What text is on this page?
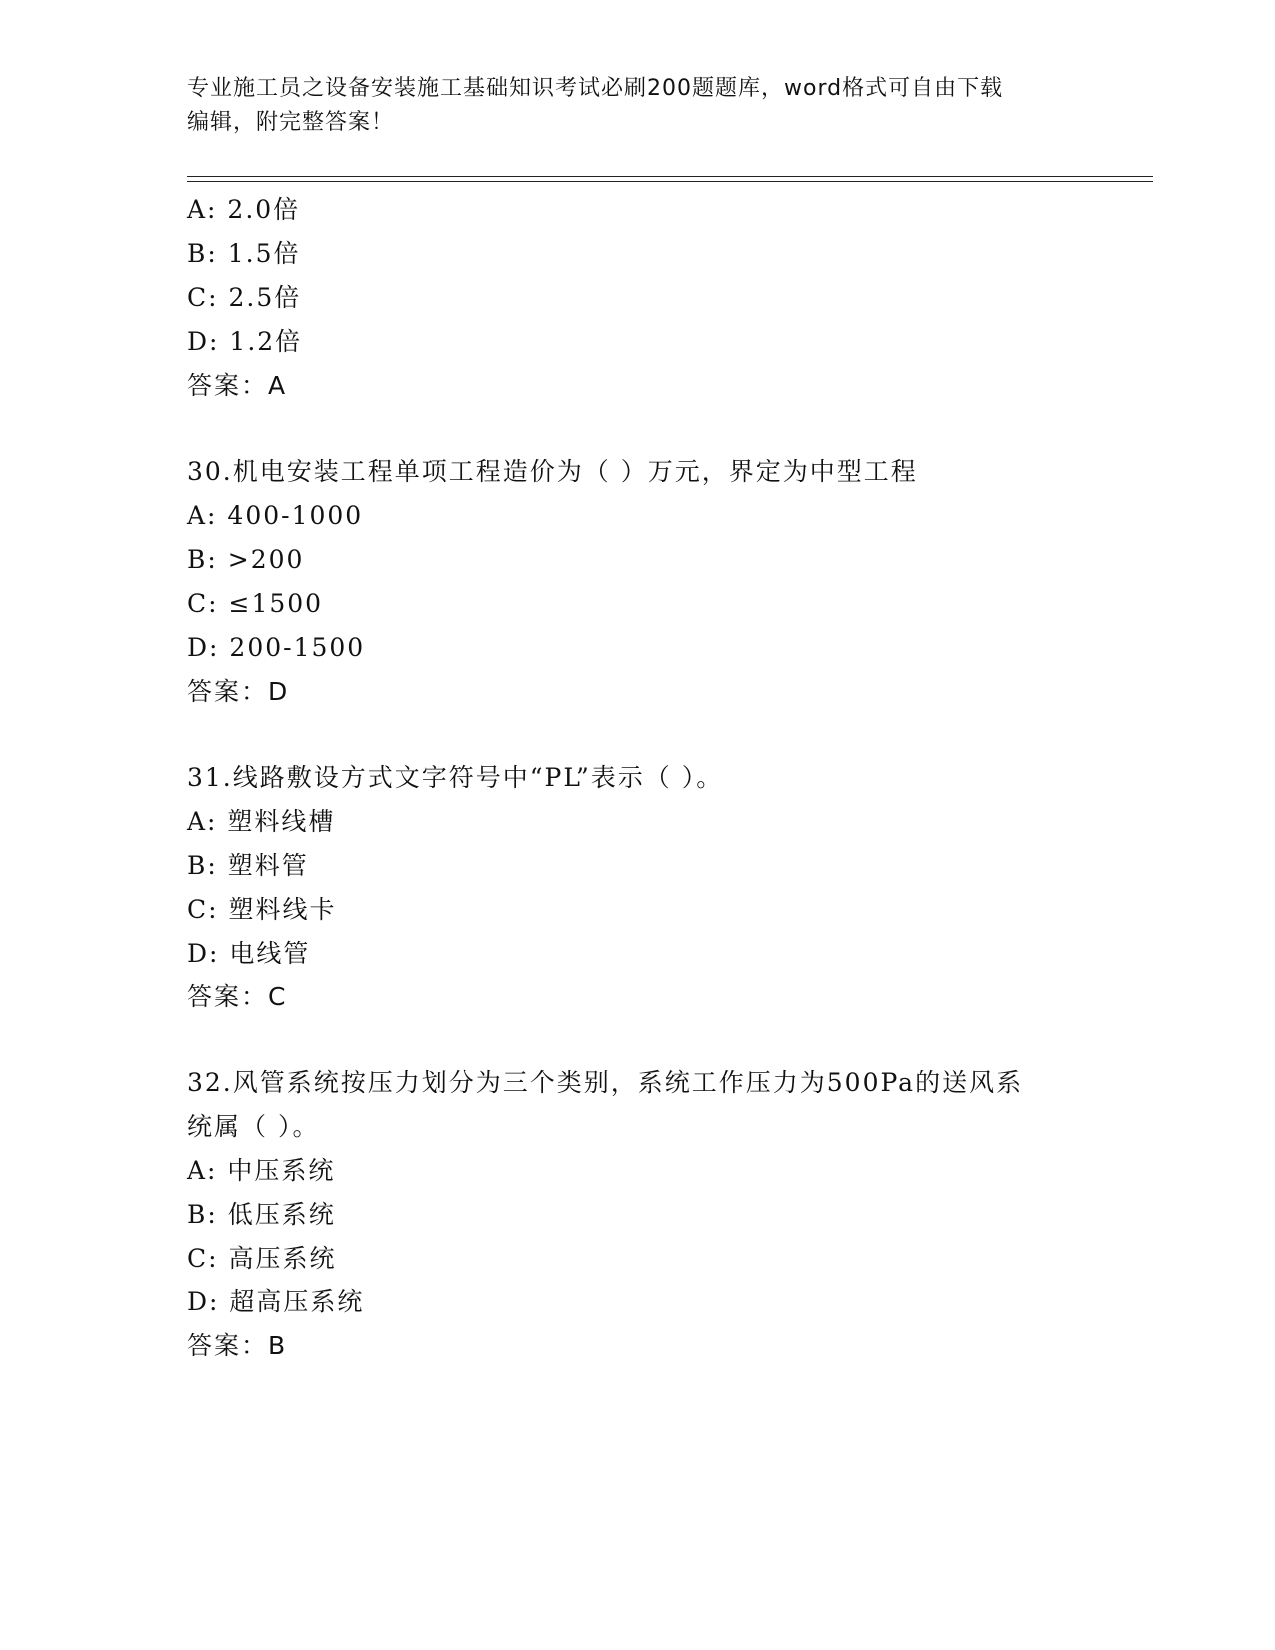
专业施工员之设备安装施工基础知识考试必刷200题题库，word格式可自由下载
编辑，附完整答案！
A: 2.0倍
B: 1.5倍
C: 2.5倍
D: 1.2倍
答案：A
30.机电安装工程单项工程造价为（ ）万元，界定为中型工程
A: 400-1000
B: >200
C: ≤1500
D: 200-1500
答案：D
31.线路敷设方式文字符号中“PL”表示（ ）。
A: 塑料线槽
B: 塑料管
C: 塑料线卡
D: 电线管
答案：C
32.风管系统按压力划分为三个类别，系统工作压力为500Pa的送风系
统属（ ）。
A: 中压系统
B: 低压系统
C: 高压系统
D: 超高压系统
答案：B
